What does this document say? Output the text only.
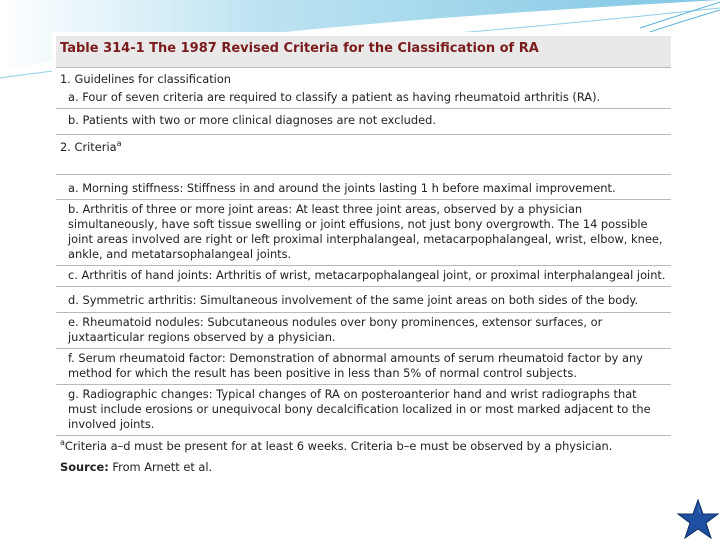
Table 314-1 The 1987 Revised Criteria for the Classification of RA
1. Guidelines for classification
a. Four of seven criteria are required to classify a patient as having rheumatoid arthritis (RA).
b. Patients with two or more clinical diagnoses are not excluded.
2. Criteria$^a$
a. Morning stiffness: Stiffness in and around the joints lasting 1 h before maximal improvement.
b. Arthritis of three or more joint areas: At least three joint areas, observed by a physician simultaneously, have soft tissue swelling or joint effusions, not just bony overgrowth. The 14 possible joint areas involved are right or left proximal interphalangeal, metacarpophalangeal, wrist, elbow, knee, ankle, and metatarsophalangeal joints.
c. Arthritis of hand joints: Arthritis of wrist, metacarpophalangeal joint, or proximal interphalangeal joint.
d. Symmetric arthritis: Simultaneous involvement of the same joint areas on both sides of the body.
e. Rheumatoid nodules: Subcutaneous nodules over bony prominences, extensor surfaces, or juxtaarticular regions observed by a physician.
f. Serum rheumatoid factor: Demonstration of abnormal amounts of serum rheumatoid factor by any method for which the result has been positive in less than 5% of normal control subjects.
g. Radiographic changes: Typical changes of RA on posteroanterior hand and wrist radiographs that must include erosions or unequivocal bony decalcification localized in or most marked adjacent to the involved joints.
$^a$Criteria a–d must be present for at least 6 weeks. Criteria b–e must be observed by a physician.
Source: From Arnett et al.
